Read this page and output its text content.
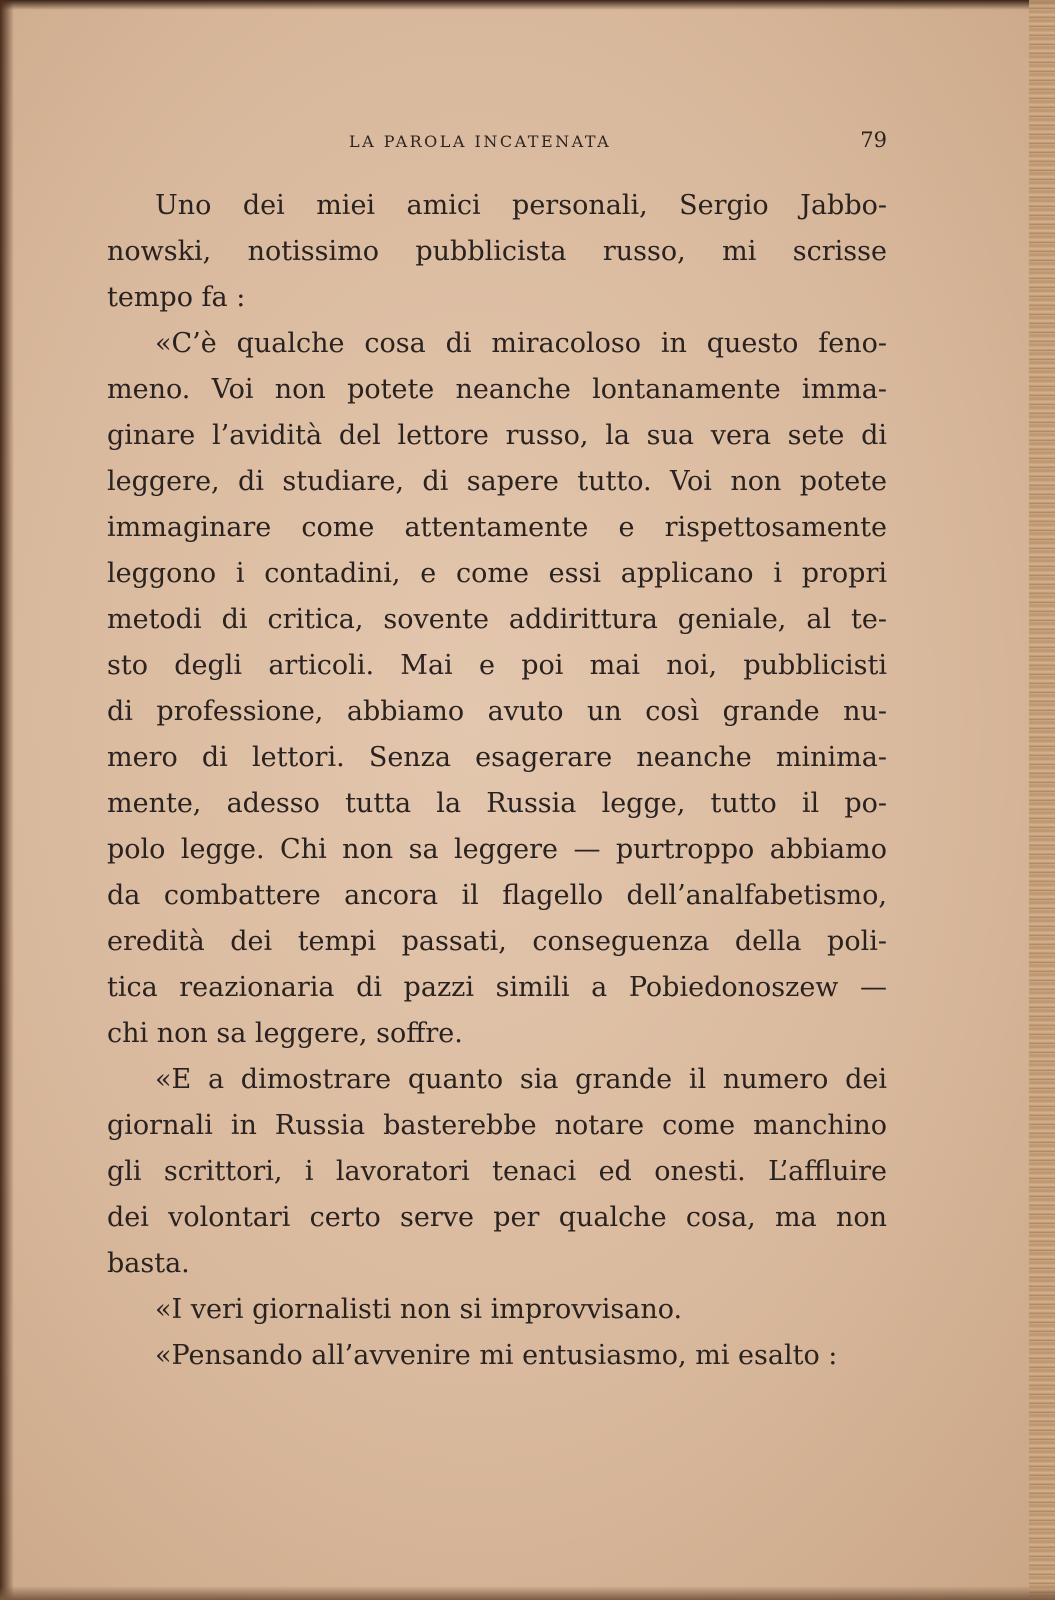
LA PAROLA INCATENATA	79
Uno dei miei amici personali, Sergio Jabbo-
nowski, notissimo pubblicista russo, mi scrisse
tempo fa :
«C’è qualche cosa di miracoloso in questo feno-
meno. Voi non potete neanche lontanamente imma-
ginare l’avidità del lettore russo, la sua vera sete di
leggere, di studiare, di sapere tutto. Voi non potete
immaginare come attentamente e rispettosamente
leggono i contadini, e come essi applicano i propri
metodi di critica, sovente addirittura geniale, al te-
sto degli articoli. Mai e poi mai noi, pubblicisti
di professione, abbiamo avuto un così grande nu-
mero di lettori. Senza esagerare neanche minima-
mente, adesso tutta la Russia legge, tutto il po-
polo legge. Chi non sa leggere — purtroppo abbiamo
da combattere ancora il flagello dell’analfabetismo,
eredità dei tempi passati, conseguenza della poli-
tica reazionaria di pazzi simili a Pobiedonoszew —
chi non sa leggere, soffre.
«E a dimostrare quanto sia grande il numero dei
giornali in Russia basterebbe notare come manchino
gli scrittori, i lavoratori tenaci ed onesti. L’affluire
dei volontari certo serve per qualche cosa, ma non
basta.
«I veri giornalisti non si improvvisano.
«Pensando all’avvenire mi entusiasmo, mi esalto :
